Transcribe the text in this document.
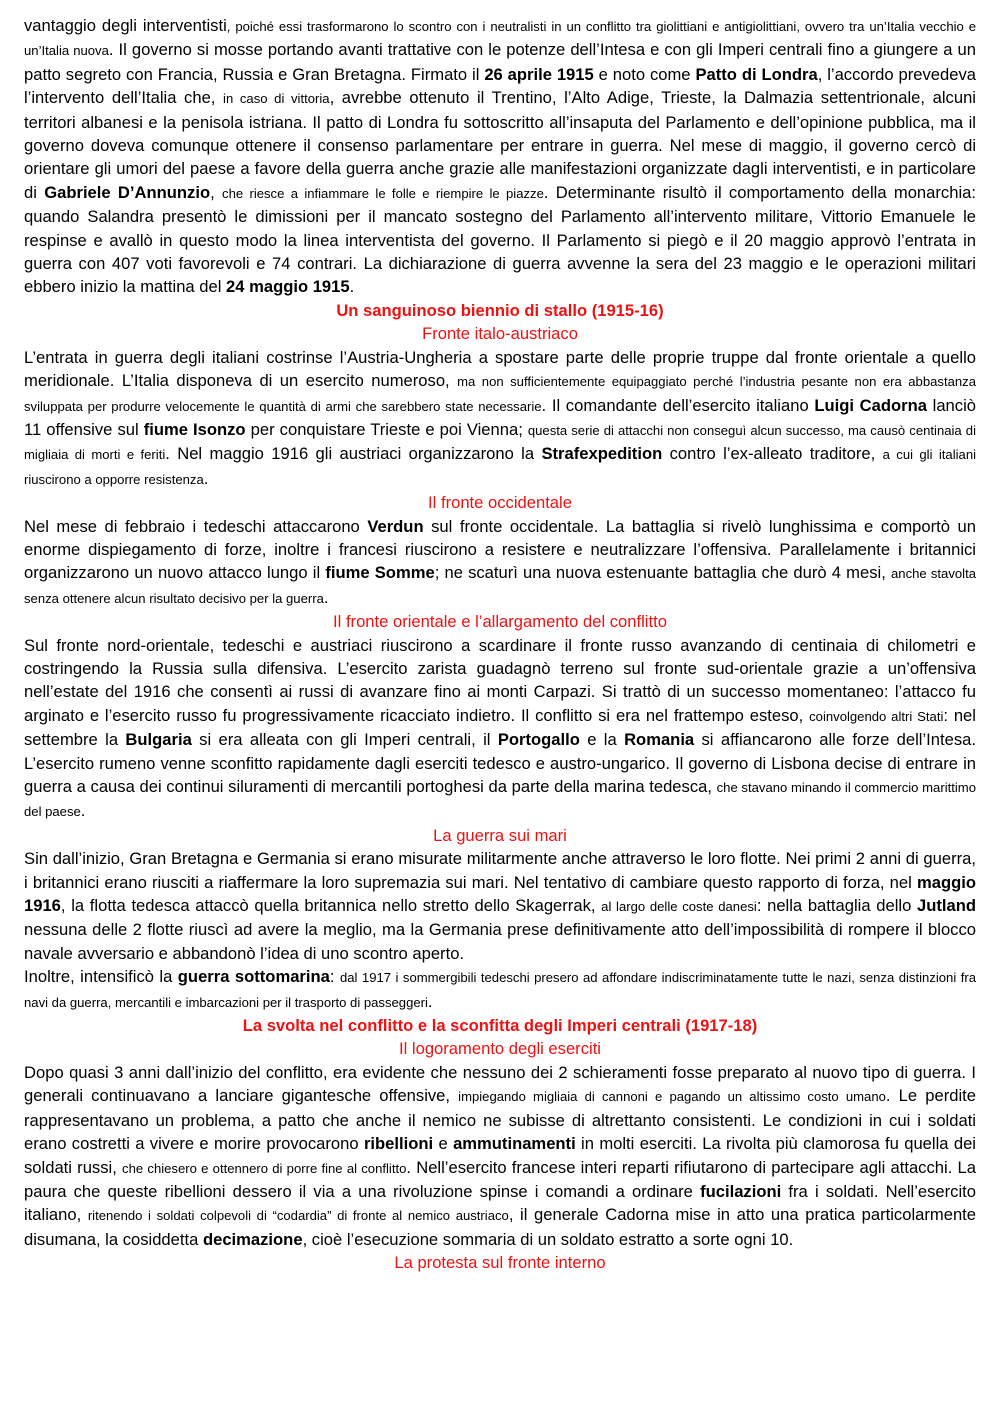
vantaggio degli interventisti, poiché essi trasformarono lo scontro con i neutralisti in un conflitto tra giolittiani e antigiolittiani, ovvero tra un’Italia vecchio e un’Italia nuova. Il governo si mosse portando avanti trattative con le potenze dell’Intesa e con gli Imperi centrali fino a giungere a un patto segreto con Francia, Russia e Gran Bretagna. Firmato il 26 aprile 1915 e noto come Patto di Londra, l’accordo prevedeva l’intervento dell’Italia che, in caso di vittoria, avrebbe ottenuto il Trentino, l’Alto Adige, Trieste, la Dalmazia settentrionale, alcuni territori albanesi e la penisola istriana. Il patto di Londra fu sottoscritto all’insaputa del Parlamento e dell’opinione pubblica, ma il governo doveva comunque ottenere il consenso parlamentare per entrare in guerra. Nel mese di maggio, il governo cercò di orientare gli umori del paese a favore della guerra anche grazie alle manifestazioni organizzate dagli interventisti, e in particolare di Gabriele D’Annunzio, che riesce a infiammare le folle e riempire le piazze. Determinante risultò il comportamento della monarchia: quando Salandra presentò le dimissioni per il mancato sostegno del Parlamento all’intervento militare, Vittorio Emanuele le respinse e avallò in questo modo la linea interventista del governo. Il Parlamento si piegò e il 20 maggio approvò l’entrata in guerra con 407 voti favorevoli e 74 contrari. La dichiarazione di guerra avvenne la sera del 23 maggio e le operazioni militari ebbero inizio la mattina del 24 maggio 1915.

Un sanguinoso biennio di stallo (1915-16)
Fronte italo-austriaco

L’entrata in guerra degli italiani costrinse l’Austria-Ungheria a spostare parte delle proprie truppe dal fronte orientale a quello meridionale. L’Italia disponeva di un esercito numeroso, ma non sufficientemente equipaggiato perché l’industria pesante non era abbastanza sviluppata per produrre velocemente le quantità di armi che sarebbero state necessarie. Il comandante dell’esercito italiano Luigi Cadorna lanciò 11 offensive sul fiume Isonzo per conquistare Trieste e poi Vienna; questa serie di attacchi non conseguì alcun successo, ma causò centinaia di migliaia di morti e feriti. Nel maggio 1916 gli austriaci organizzarono la Strafexpedition contro l’ex-alleato traditore, a cui gli italiani riuscirono a opporre resistenza.

Il fronte occidentale

Nel mese di febbraio i tedeschi attaccarono Verdun sul fronte occidentale. La battaglia si rivelò lunghissima e comportò un enorme dispiegamento di forze, inoltre i francesi riuscirono a resistere e neutralizzare l’offensiva. Parallelamente i britannici organizzarono un nuovo attacco lungo il fiume Somme; ne scaturì una nuova estenuante battaglia che durò 4 mesi, anche stavolta senza ottenere alcun risultato decisivo per la guerra.

Il fronte orientale e l’allargamento del conflitto

Sul fronte nord-orientale, tedeschi e austriaci riuscirono a scardinare il fronte russo avanzando di centinaia di chilometri e costringendo la Russia sulla difensiva. L’esercito zarista guadagnò terreno sul fronte sud-orientale grazie a un’offensiva nell’estate del 1916 che consentì ai russi di avanzare fino ai monti Carpazi. Si trattò di un successo momentaneo: l’attacco fu arginato e l’esercito russo fu progressivamente ricacciato indietro. Il conflitto si era nel frattempo esteso, coinvolgendo altri Stati: nel settembre la Bulgaria si era alleata con gli Imperi centrali, il Portogallo e la Romania si affiancarono alle forze dell’Intesa. L’esercito rumeno venne sconfitto rapidamente dagli eserciti tedesco e austro-ungarico. Il governo di Lisbona decise di entrare in guerra a causa dei continui siluramenti di mercantili portoghesi da parte della marina tedesca, che stavano minando il commercio marittimo del paese.

La guerra sui mari

Sin dall’inizio, Gran Bretagna e Germania si erano misurate militarmente anche attraverso le loro flotte. Nei primi 2 anni di guerra, i britannici erano riusciti a riaffermare la loro supremazia sui mari. Nel tentativo di cambiare questo rapporto di forza, nel maggio 1916, la flotta tedesca attaccò quella britannica nello stretto dello Skagerrak, al largo delle coste danesi: nella battaglia dello Jutland nessuna delle 2 flotte riuscì ad avere la meglio, ma la Germania prese definitivamente atto dell’impossibilità di rompere il blocco navale avversario e abbandonò l’idea di uno scontro aperto.

Inoltre, intensificò la guerra sottomarina: dal 1917 i sommergibili tedeschi presero ad affondare indiscriminatamente tutte le nazi, senza distinzioni fra navi da guerra, mercantili e imbarcazioni per il trasporto di passeggeri.

La svolta nel conflitto e la sconfitta degli Imperi centrali (1917-18)
Il logoramento degli eserciti

Dopo quasi 3 anni dall’inizio del conflitto, era evidente che nessuno dei 2 schieramenti fosse preparato al nuovo tipo di guerra. I generali continuavano a lanciare gigantesche offensive, impiegando migliaia di cannoni e pagando un altissimo costo umano. Le perdite rappresentavano un problema, a patto che anche il nemico ne subisse di altrettanto consistenti. Le condizioni in cui i soldati erano costretti a vivere e morire provocarono ribellioni e ammutinamenti in molti eserciti. La rivolta più clamorosa fu quella dei soldati russi, che chiesero e ottennero di porre fine al conflitto. Nell’esercito francese interi reparti rifiutarono di partecipare agli attacchi. La paura che queste ribellioni dessero il via a una rivoluzione spinse i comandi a ordinare fucilazioni fra i soldati. Nell’esercito italiano, ritenendo i soldati colpevoli di “codardia” di fronte al nemico austriaco, il generale Cadorna mise in atto una pratica particolarmente disumana, la cosiddetta decimazione, cioè l’esecuzione sommaria di un soldato estratto a sorte ogni 10.

La protesta sul fronte interno
